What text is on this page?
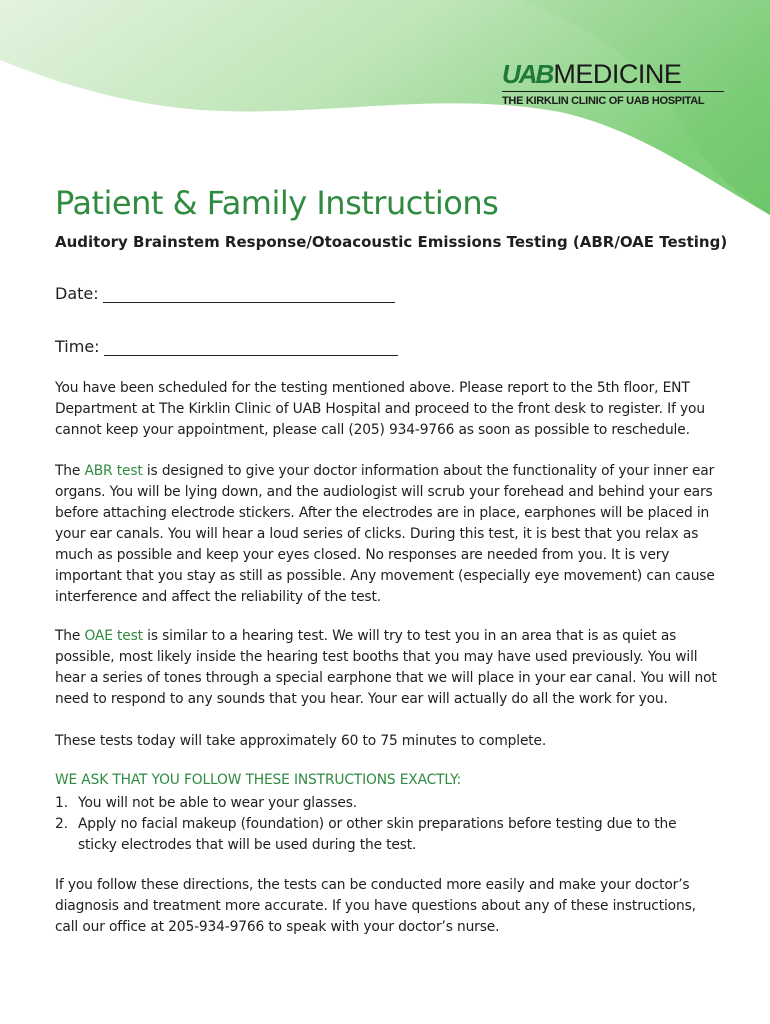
UAB MEDICINE
THE KIRKLIN CLINIC OF UAB HOSPITAL
Patient & Family Instructions
Auditory Brainstem Response/Otoacoustic Emissions Testing (ABR/OAE Testing)
Date:
Time:

You have been scheduled for the testing mentioned above. Please report to the 5th floor, ENT Department at The Kirklin Clinic of UAB Hospital and proceed to the front desk to register. If you cannot keep your appointment, please call (205) 934-9766 as soon as possible to reschedule.

The ABR test is designed to give your doctor information about the functionality of your inner ear organs. You will be lying down, and the audiologist will scrub your forehead and behind your ears before attaching electrode stickers. After the electrodes are in place, earphones will be placed in your ear canals. You will hear a loud series of clicks. During this test, it is best that you relax as much as possible and keep your eyes closed. No responses are needed from you. It is very important that you stay as still as possible. Any movement (especially eye movement) can cause interference and affect the reliability of the test.

The OAE test is similar to a hearing test. We will try to test you in an area that is as quiet as possible, most likely inside the hearing test booths that you may have used previously. You will hear a series of tones through a special earphone that we will place in your ear canal. You will not need to respond to any sounds that you hear. Your ear will actually do all the work for you.

These tests today will take approximately 60 to 75 minutes to complete.

WE ASK THAT YOU FOLLOW THESE INSTRUCTIONS EXACTLY:

1. You will not be able to wear your glasses.
2. Apply no facial makeup (foundation) or other skin preparations before testing due to the sticky electrodes that will be used during the test.

If you follow these directions, the tests can be conducted more easily and make your doctor’s diagnosis and treatment more accurate. If you have questions about any of these instructions, call our office at 205-934-9766 to speak with your doctor’s nurse.
